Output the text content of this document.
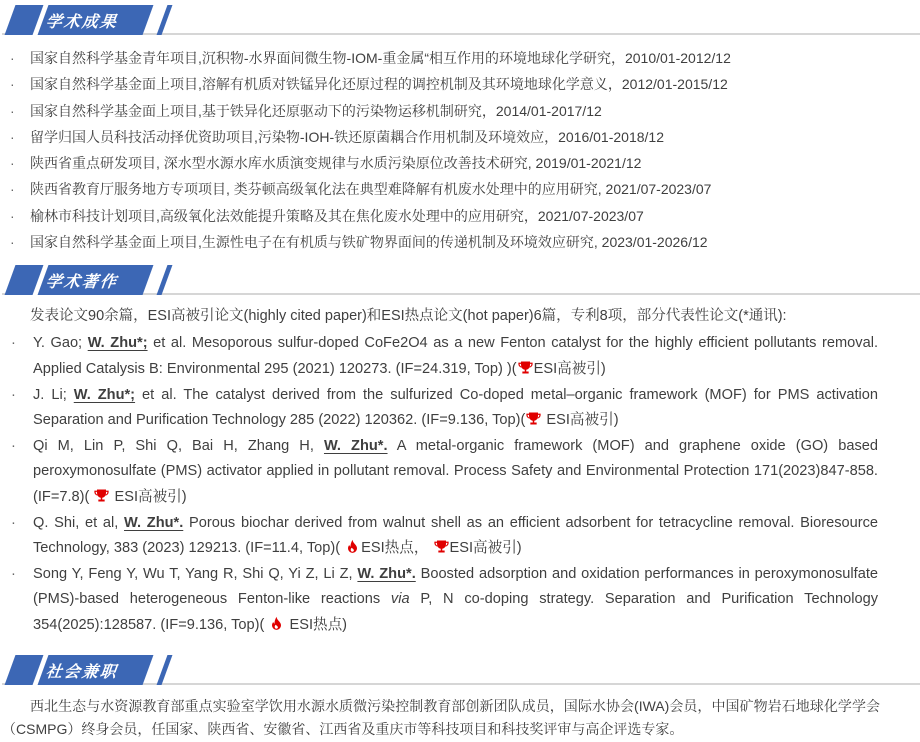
学术成果
· 国家自然科学基金青年项目,沉积物-水界面间微生物-IOM-重金属“相互作用的环境地球化学研究，2010/01-2012/12
· 国家自然科学基金面上项目,溶解有机质对铁锰异化还原过程的调控机制及其环境地球化学意义，2012/01-2015/12
· 国家自然科学基金面上项目,基于铁异化还原驱动下的污染物运移机制研究，2014/01-2017/12
· 留学归国人员科技活动择优资助项目,污染物-IOH-铁还原菌耦合作用机制及环境效应，2016/01-2018/12
· 陕西省重点研发项目, 深水型水源水库水质演变规律与水质污染原位改善技术研究, 2019/01-2021/12
· 陕西省教育厅服务地方专项项目, 类芬顿高级氧化法在典型难降解有机废水处理中的应用研究, 2021/07-2023/07
· 榆林市科技计划项目,高级氧化法效能提升策略及其在焦化废水处理中的应用研究，2021/07-2023/07
· 国家自然科学基金面上项目,生源性电子在有机质与铁矿物界面间的传递机制及环境效应研究, 2023/01-2026/12
学术著作

发表论文90余篇，ESI高被引论文(highly cited paper)和ESI热点论文(hot paper)6篇，专利8项，部分代表性论文(*通讯):

· Y. Gao; W. Zhu*; et al. Mesoporous sulfur-doped CoFe2O4 as a new Fenton catalyst for the highly efficient pollutants removal. Applied Catalysis B: Environmental 295 (2021) 120273. (IF=24.319, Top) )( ESI高被引)
· J. Li; W. Zhu*; et al. The catalyst derived from the sulfurized Co-doped metal–organic framework (MOF) for PMS activation Separation and Purification Technology 285 (2022) 120362. (IF=9.136, Top)( ESI高被引)
· Qi M, Lin P, Shi Q, Bai H, Zhang H, W. Zhu*. A metal-organic framework (MOF) and graphene oxide (GO) based peroxymonosulfate (PMS) activator applied in pollutant removal. Process Safety and Environmental Protection 171(2023)847-858. (IF=7.8)(  ESI高被引)
· Q. Shi, et al, W. Zhu*. Porous biochar derived from walnut shell as an efficient adsorbent for tetracycline removal. Bioresource Technology, 383 (2023) 129213. (IF=11.4, Top)( ESI热点， ESI高被引)
· Song Y, Feng Y, Wu T, Yang R, Shi Q, Yi Z, Li Z, W. Zhu*. Boosted adsorption and oxidation performances in peroxymonosulfate (PMS)-based heterogeneous Fenton-like reactions via P, N co-doping strategy. Separation and Purification Technology 354(2025):128587. (IF=9.136, Top)(  ESI热点)
社会兼职

西北生态与水资源教育部重点实验室学饮用水源水质微污染控制教育部创新团队成员，国际水协会(IWA)会员，中国矿物岩石地球化学学会（CSMPG）终身会员，任国家、陕西省、安徽省、江西省及重庆市等科技项目和科技奖评审与高企评选专家。
